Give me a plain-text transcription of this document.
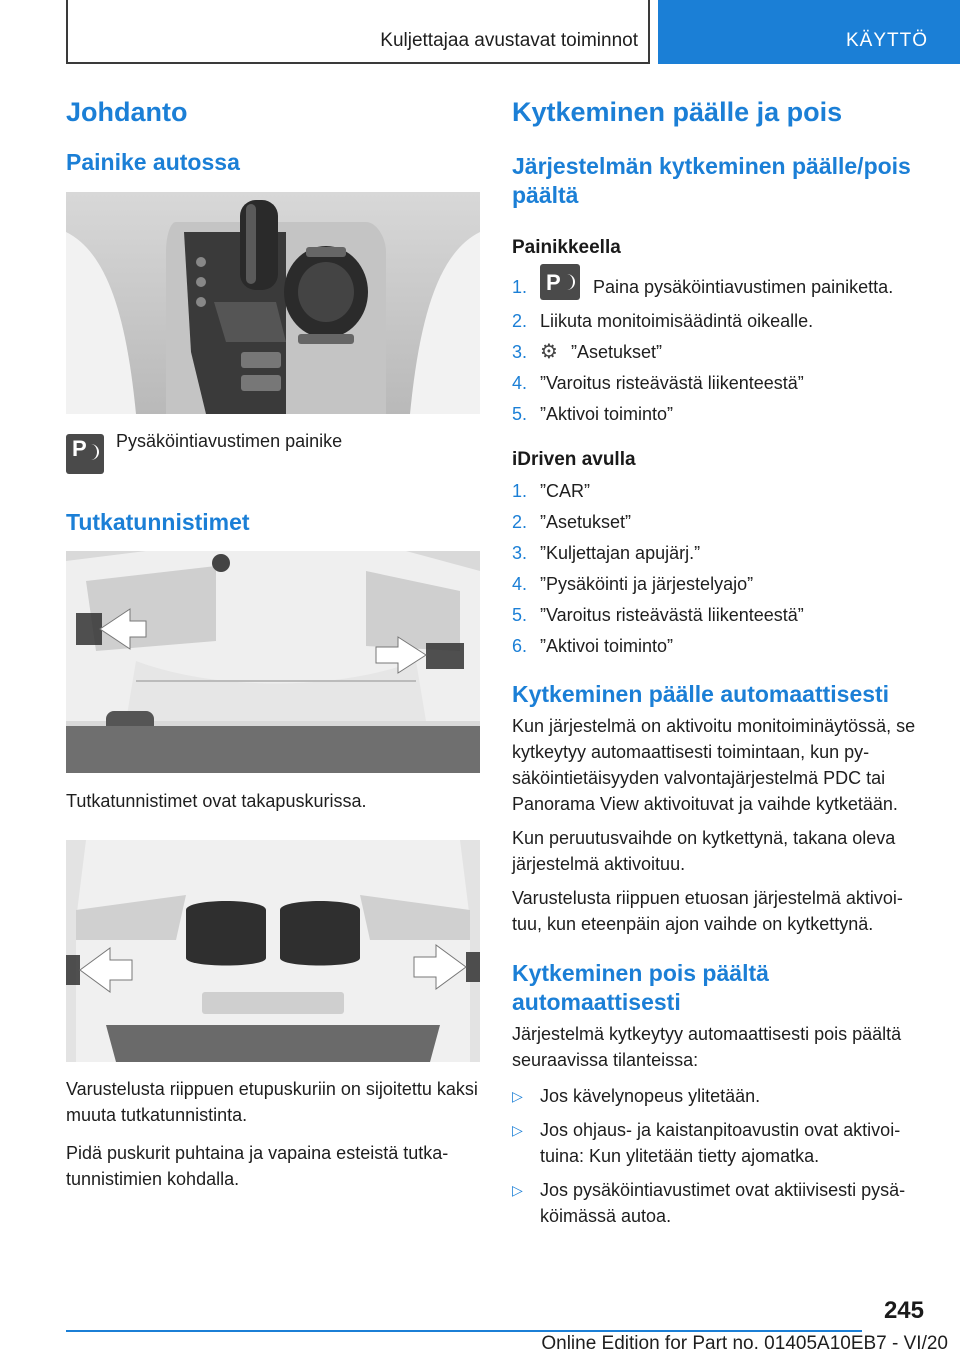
Kuljettajaa avustavat toiminnot	KÄYTTÖ
Johdanto
Painike autossa
P Pysäköintiavustimen painike
Tutkatunnistimet
Tutkatunnistimet ovat takapuskurissa.
Varustelusta riippuen etupuskuriin on sijoitettu kaksi muuta tutkatunnistinta.
Pidä puskurit puhtaina ja vapaina esteistä tutka-tunnistimien kohdalla.
Kytkeminen päälle ja pois
Järjestelmän kytkeminen päälle/pois päältä
Painikkeella
1. P Paina pysäköintiavustimen painiketta.
2. Liikuta monitoimisäädintä oikealle.
3. ⚙ ”Asetukset”
4. ”Varoitus risteävästä liikenteestä”
5. ”Aktivoi toiminto”
iDriven avulla
1. ”CAR”
2. ”Asetukset”
3. ”Kuljettajan apujärj.”
4. ”Pysäköinti ja järjestelyajo”
5. ”Varoitus risteävästä liikenteestä”
6. ”Aktivoi toiminto”
Kytkeminen päälle automaattisesti
Kun järjestelmä on aktivoitu monitoiminäytössä, se kytkeytyy automaattisesti toimintaan, kun py-säköintietäisyyden valvontajärjestelmä PDC tai Panorama View aktivoituvat ja vaihde kytketään.
Kun peruutusvaihde on kytkettynä, takana oleva järjestelmä aktivoituu.
Varustelusta riippuen etuosan järjestelmä aktivoi-tuu, kun eteenpäin ajon vaihde on kytkettynä.
Kytkeminen pois päältä automaattisesti
Järjestelmä kytkeytyy automaattisesti pois päältä seuraavissa tilanteissa:
▷ Jos kävelynopeus ylitetään.
▷ Jos ohjaus- ja kaistanpitoavustin ovat aktivoi-tuina: Kun ylitetään tietty ajomatka.
▷ Jos pysäköintiavustimet ovat aktiivisesti pysä-köimässä autoa.
245
Online Edition for Part no. 01405A10EB7 - VI/20
